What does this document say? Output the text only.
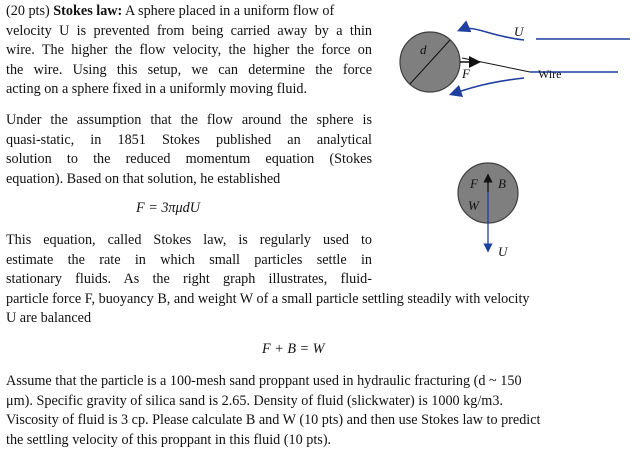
(20 pts) Stokes law: A sphere placed in a uniform flow of
velocity U is prevented from being carried away by a thin
wire. The higher the flow velocity, the higher the force on
the wire. Using this setup, we can determine the force
acting on a sphere fixed in a uniformly moving fluid.
Under the assumption that the flow around the sphere is
quasi-static, in 1851 Stokes published an analytical
solution to the reduced momentum equation (Stokes
equation). Based on that solution, he established
F = 3πμdU
This equation, called Stokes law, is regularly used to
estimate the rate in which small particles settle in
stationary fluids. As the right graph illustrates, fluid-
particle force F, buoyancy B, and weight W of a small particle settling steadily with velocity
U are balanced
F + B = W
Assume that the particle is a 100-mesh sand proppant used in hydraulic fracturing (d ~ 150
μm). Specific gravity of silica sand is 2.65. Density of fluid (slickwater) is 1000 kg/m3.
Viscosity of fluid is 3 cp. Please calculate B and W (10 pts) and then use Stokes law to predict
the settling velocity of this proppant in this fluid (10 pts).
d
F
U
Wire
F B
W
U
